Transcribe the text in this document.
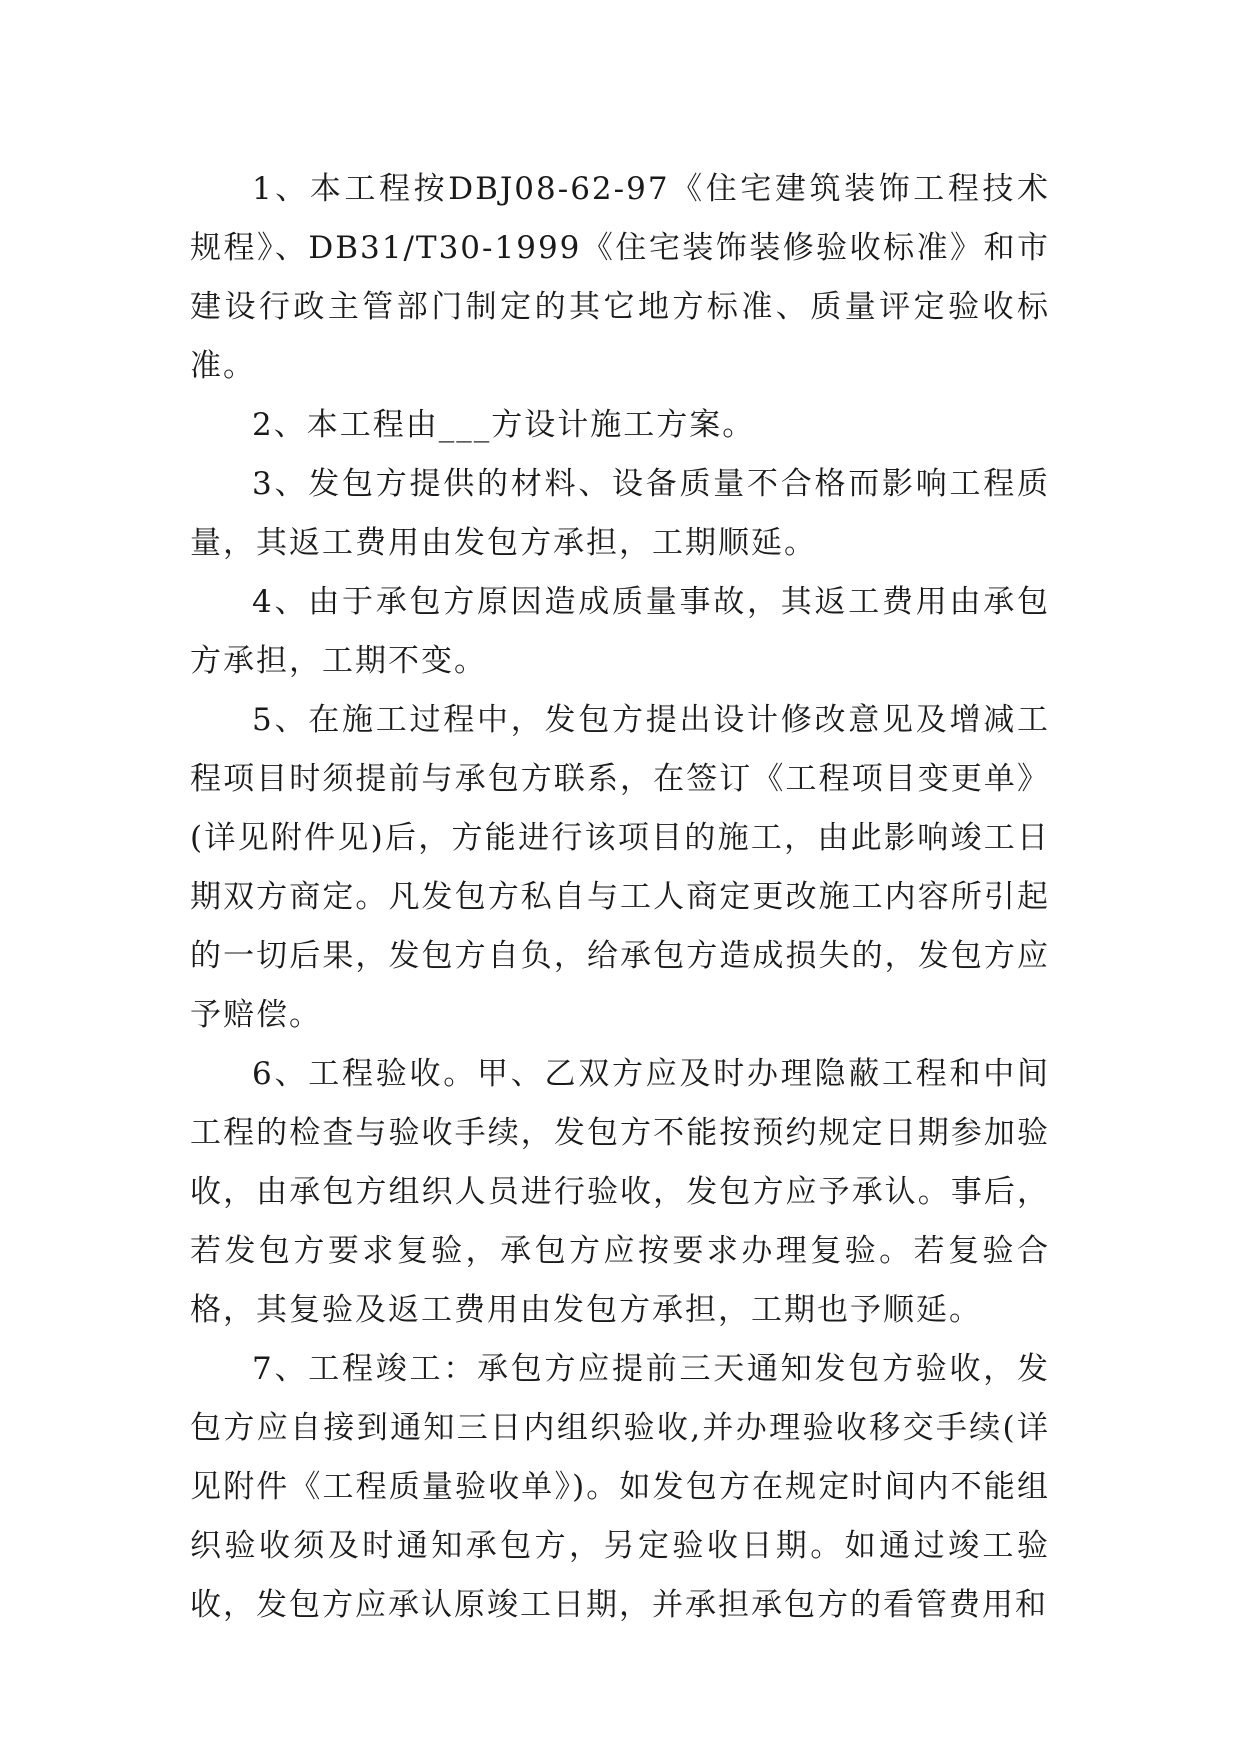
1、本工程按DBJ08-62-97《住宅建筑装饰工程技术规程》、DB31/T30-1999《住宅装饰装修验收标准》和市建设行政主管部门制定的其它地方标准、质量评定验收标准。

2、本工程由___方设计施工方案。

3、发包方提供的材料、设备质量不合格而影响工程质量，其返工费用由发包方承担，工期顺延。

4、由于承包方原因造成质量事故，其返工费用由承包方承担，工期不变。

5、在施工过程中，发包方提出设计修改意见及增减工程项目时须提前与承包方联系，在签订《工程项目变更单》(详见附件见)后，方能进行该项目的施工，由此影响竣工日期双方商定。凡发包方私自与工人商定更改施工内容所引起的一切后果，发包方自负，给承包方造成损失的，发包方应予赔偿。

6、工程验收。甲、乙双方应及时办理隐蔽工程和中间工程的检查与验收手续，发包方不能按预约规定日期参加验收，由承包方组织人员进行验收，发包方应予承认。事后，若发包方要求复验，承包方应按要求办理复验。若复验合格，其复验及返工费用由发包方承担，工期也予顺延。

7、工程竣工：承包方应提前三天通知发包方验收，发包方应自接到通知三日内组织验收,并办理验收移交手续(详见附件《工程质量验收单》)。如发包方在规定时间内不能组织验收须及时通知承包方，另定验收日期。如通过竣工验收，发包方应承认原竣工日期，并承担承包方的看管费用和
